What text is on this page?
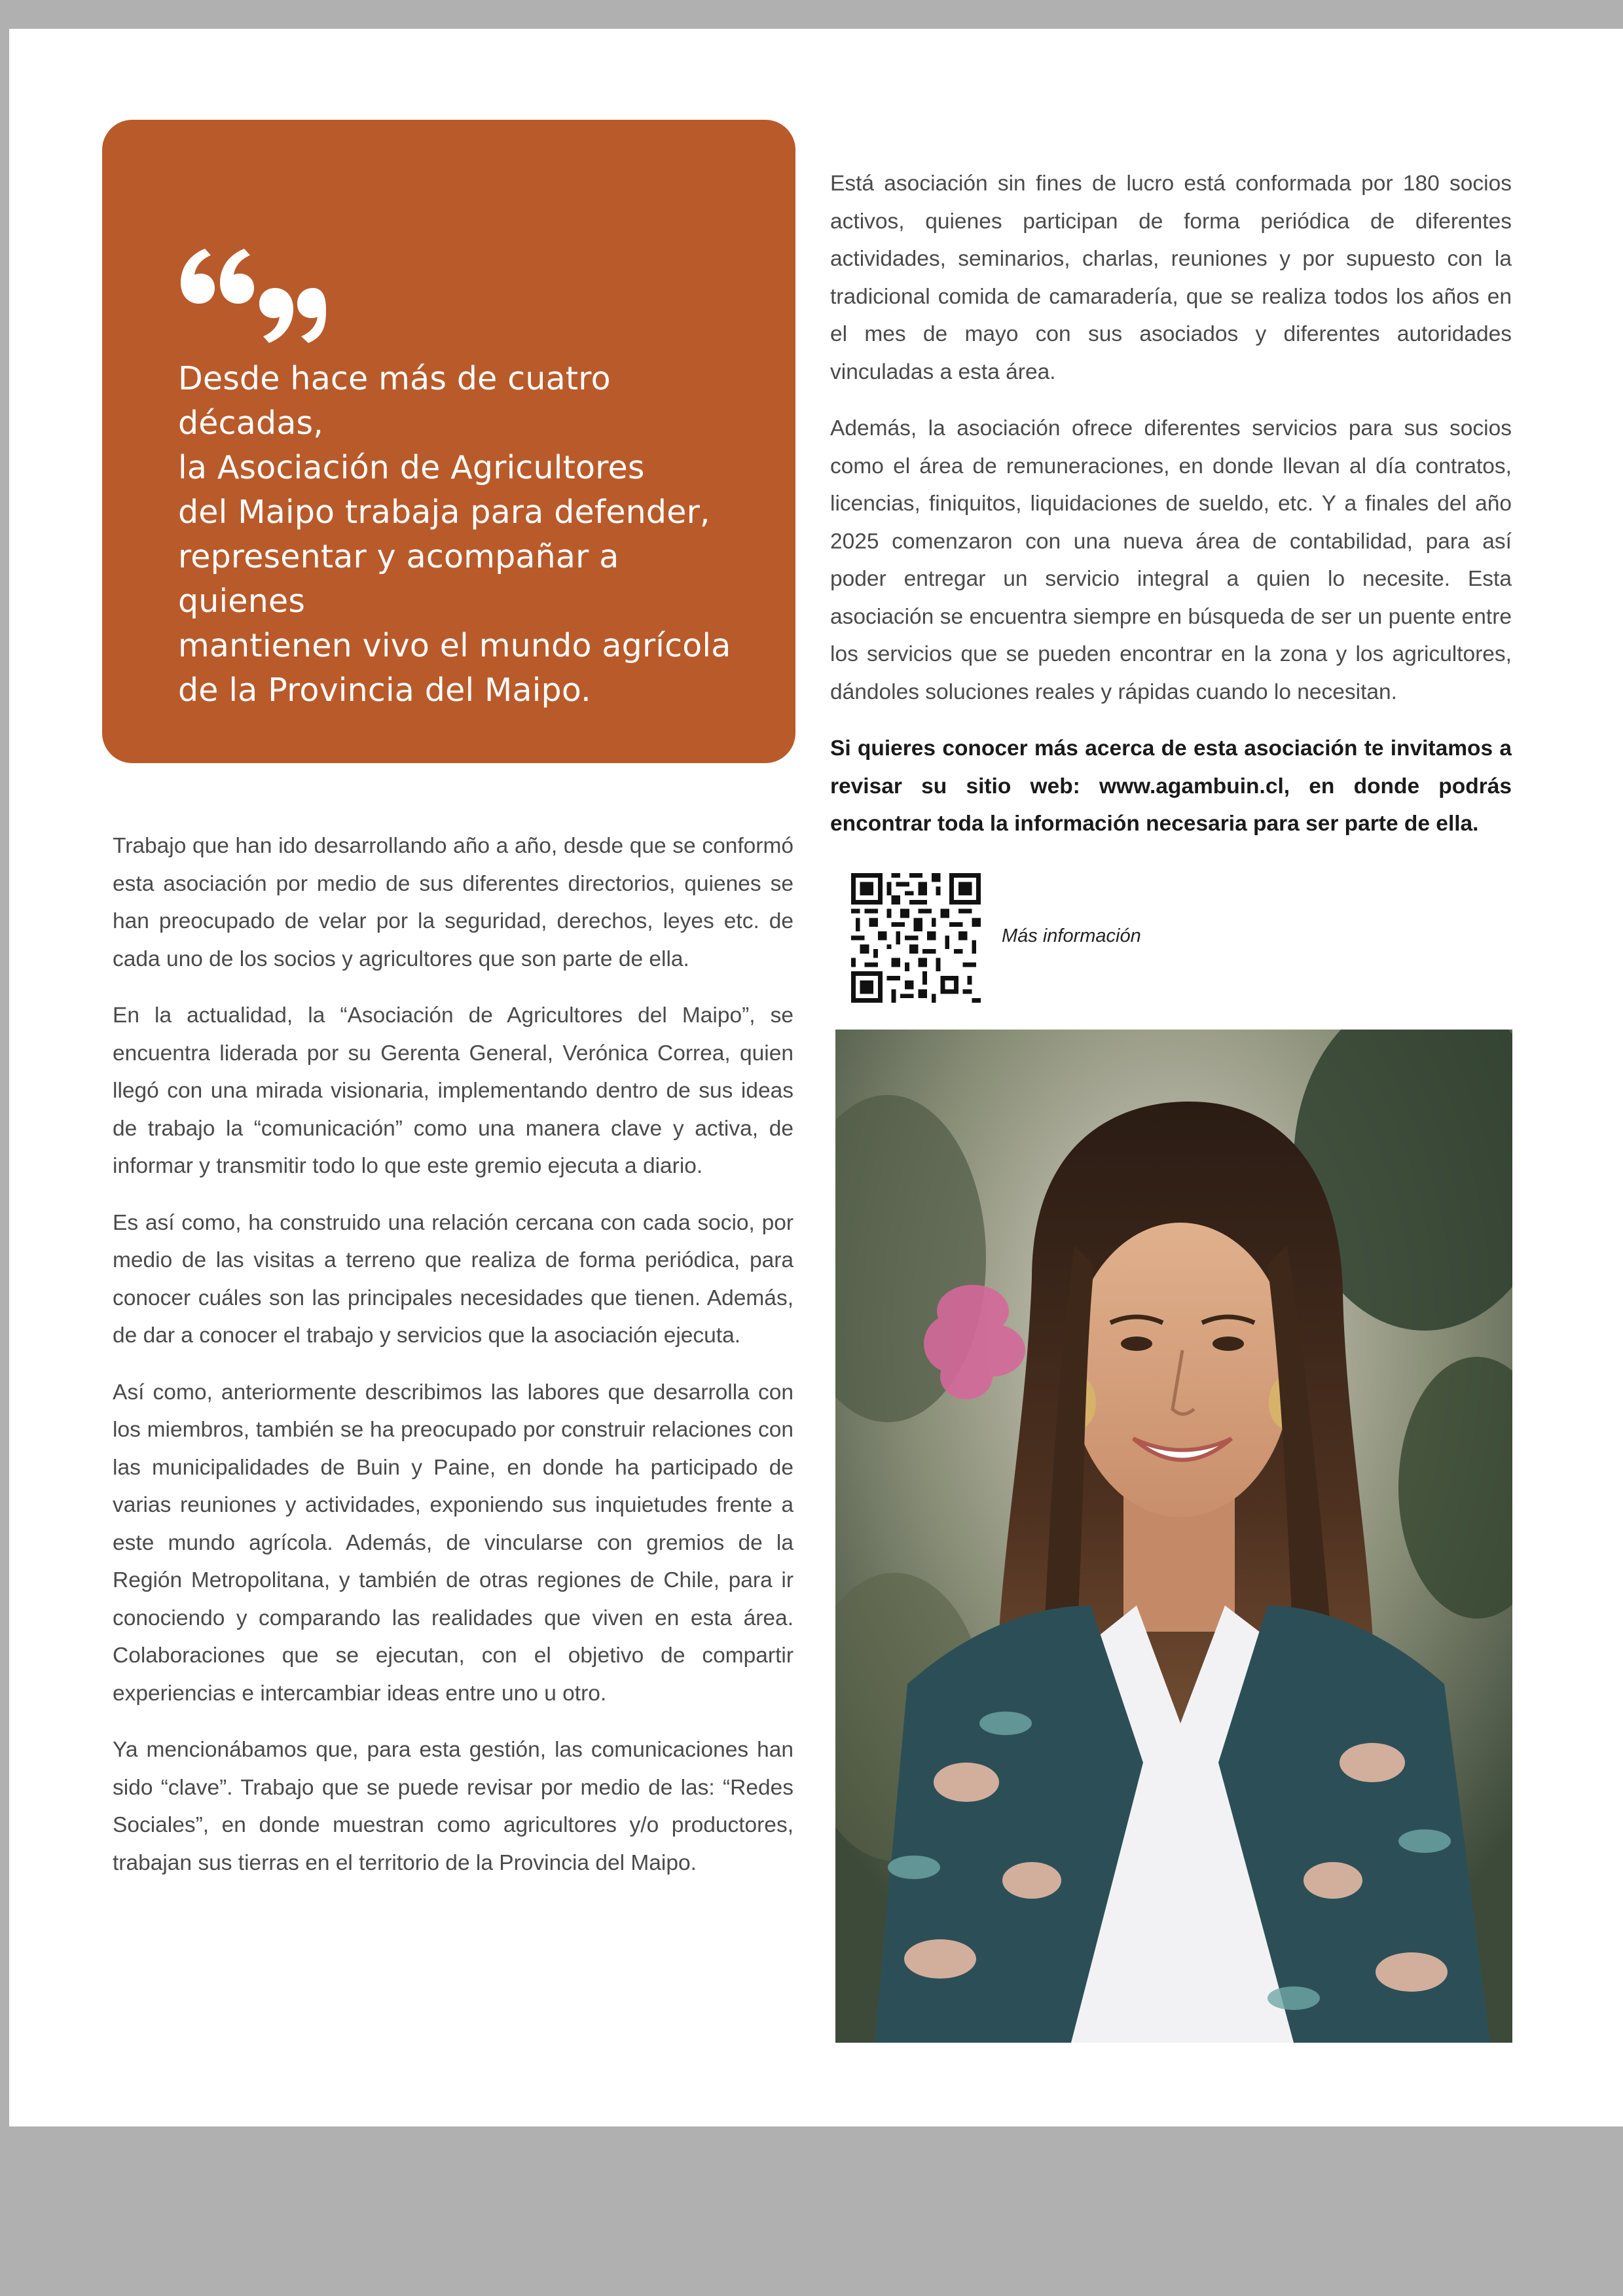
Desde hace más de cuatro décadas,
la Asociación de Agricultores
del Maipo trabaja para defender,
representar y acompañar a quienes
mantienen vivo el mundo agrícola
de la Provincia del Maipo.

Trabajo que han ido desarrollando año a año, desde que se conformó esta asociación por medio de sus diferentes directorios, quienes se han preocupado de velar por la seguridad, derechos, leyes etc. de cada uno de los socios y agricultores que son parte de ella.

En la actualidad, la “Asociación de Agricultores del Maipo”, se encuentra liderada por su Gerenta General, Verónica Correa, quien llegó con una mirada visionaria, implementando dentro de sus ideas de trabajo la “comunicación” como una manera clave y activa, de informar y transmitir todo lo que este gremio ejecuta a diario.

Es así como, ha construido una relación cercana con cada socio, por medio de las visitas a terreno que realiza de forma periódica, para conocer cuáles son las principales necesidades que tienen. Además, de dar a conocer el trabajo y servicios que la asociación ejecuta.

Así como, anteriormente describimos las labores que desarrolla con los miembros, también se ha preocupado por construir relaciones con las municipalidades de Buin y Paine, en donde ha participado de varias reuniones y actividades, exponiendo sus inquietudes frente a este mundo agrícola. Además, de vincularse con gremios de la Región Metropolitana, y también de otras regiones de Chile, para ir conociendo y comparando las realidades que viven en esta área. Colaboraciones que se ejecutan, con el objetivo de compartir experiencias e intercambiar ideas entre uno u otro.

Ya mencionábamos que, para esta gestión, las comunicaciones han sido “clave”. Trabajo que se puede revisar por medio de las: “Redes Sociales”, en donde muestran como agricultores y/o productores, trabajan sus tierras en el territorio de la Provincia del Maipo.

Está asociación sin fines de lucro está conformada por 180 socios activos, quienes participan de forma periódica de diferentes actividades, seminarios, charlas, reuniones y por supuesto con la tradicional comida de camaradería, que se realiza todos los años en el mes de mayo con sus asociados y diferentes autoridades vinculadas a esta área.

Además, la asociación ofrece diferentes servicios para sus socios como el área de remuneraciones, en donde llevan al día contratos, licencias, finiquitos, liquidaciones de sueldo, etc. Y a finales del año 2025 comenzaron con una nueva área de contabilidad, para así poder entregar un servicio integral a quien lo necesite. Esta asociación se encuentra siempre en búsqueda de ser un puente entre los servicios que se pueden encontrar en la zona y los agricultores, dándoles soluciones reales y rápidas cuando lo necesitan.

Si quieres conocer más acerca de esta asociación te invitamos a revisar su sitio web: www.agambuin.cl, en donde podrás encontrar toda la información necesaria para ser parte de ella.

Más información
